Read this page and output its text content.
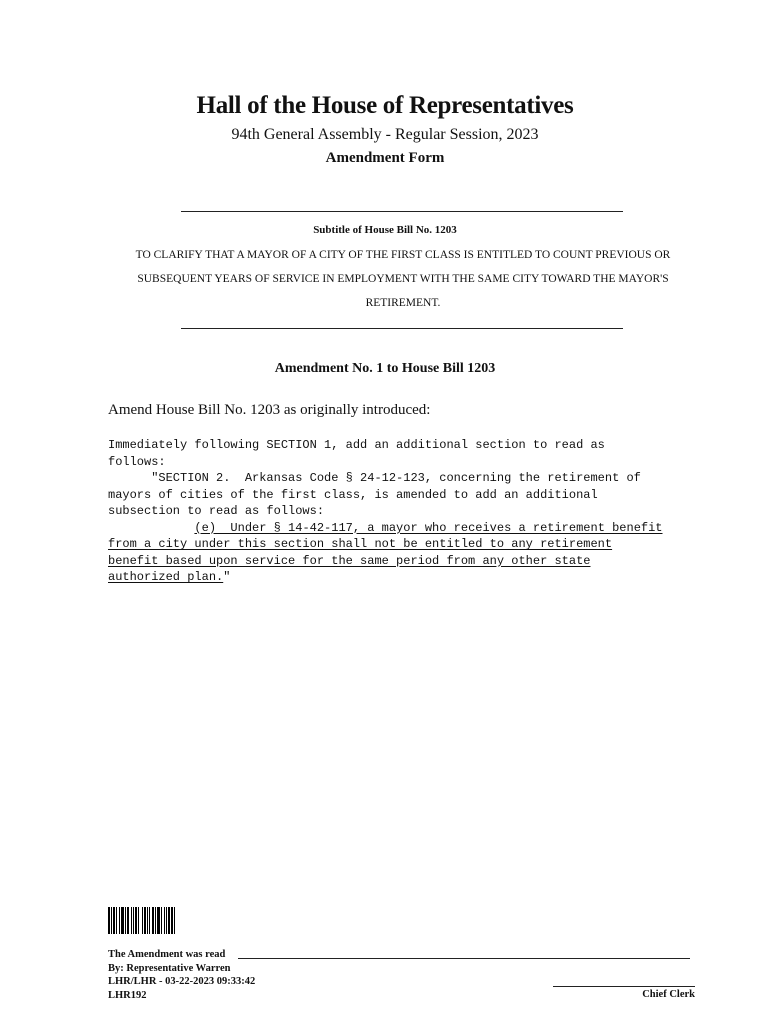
Hall of the House of Representatives
94th General Assembly - Regular Session, 2023
Amendment Form
Subtitle of House Bill No. 1203
TO CLARIFY THAT A MAYOR OF A CITY OF THE FIRST CLASS IS ENTITLED TO COUNT PREVIOUS OR SUBSEQUENT YEARS OF SERVICE IN EMPLOYMENT WITH THE SAME CITY TOWARD THE MAYOR'S RETIREMENT.
Amendment No. 1 to House Bill 1203
Amend House Bill No. 1203 as originally introduced:
Immediately following SECTION 1, add an additional section to read as
follows:
"SECTION 2.  Arkansas Code § 24-12-123, concerning the retirement of
mayors of cities of the first class, is amended to add an additional
subsection to read as follows:
(e)  Under § 14-42-117, a mayor who receives a retirement benefit
from a city under this section shall not be entitled to any retirement
benefit based upon service for the same period from any other state
authorized plan."
The Amendment was read
By: Representative Warren
LHR/LHR - 03-22-2023 09:33:42
LHR192	Chief Clerk
